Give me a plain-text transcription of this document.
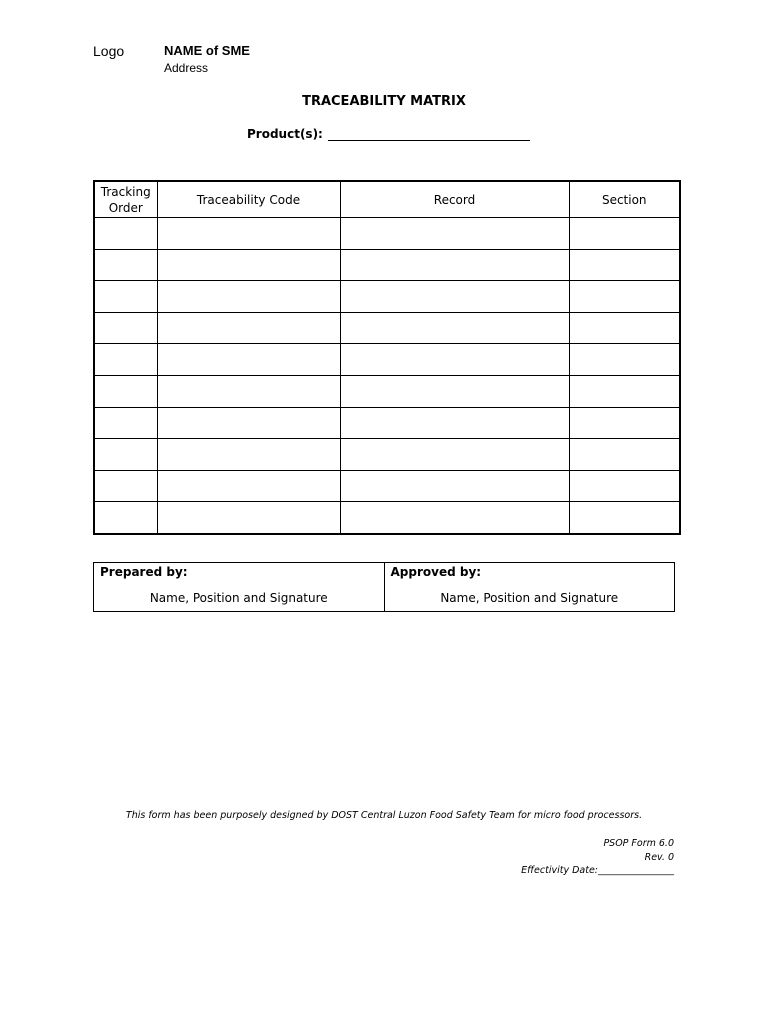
Logo	NAME of SME
Address
TRACEABILITY MATRIX
Product(s):
Tracking Order	Traceability Code	Record	Section

Prepared by:
Name, Position and Signature

Approved by:
Name, Position and Signature
This form has been purposely designed by DOST Central Luzon Food Safety Team for micro food processors.
PSOP Form 6.0
Rev. 0
Effectivity Date:________________
